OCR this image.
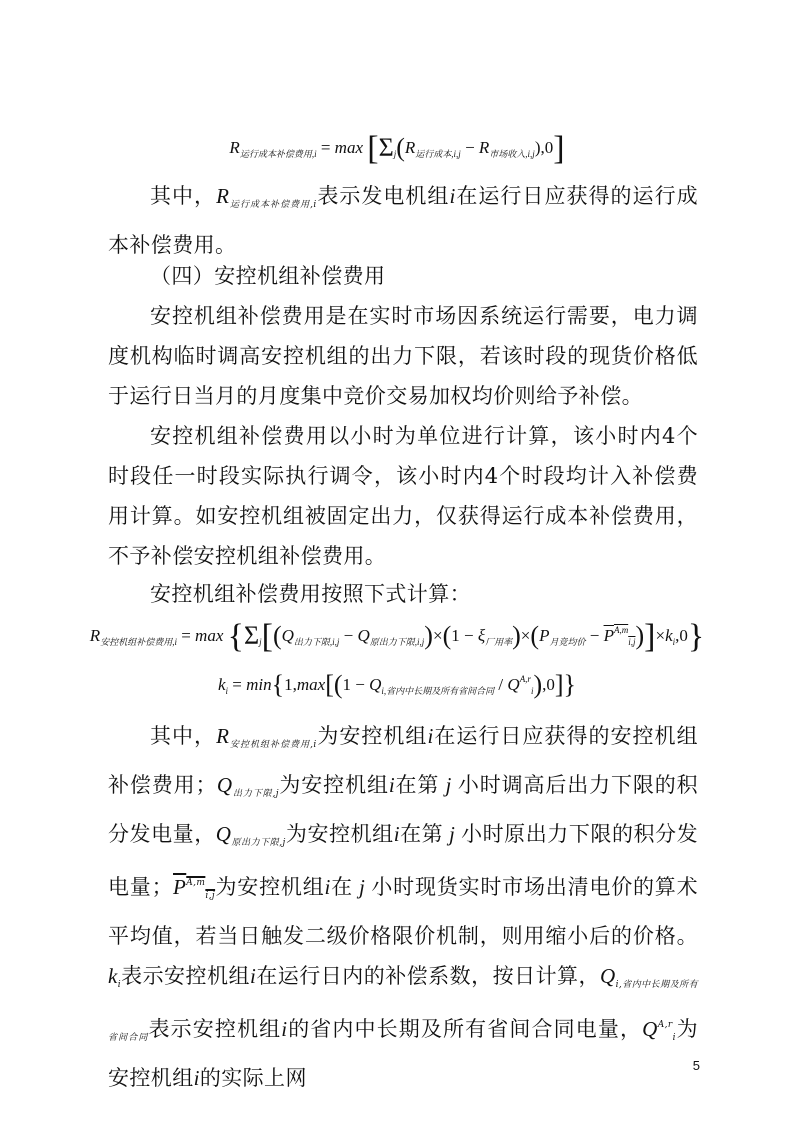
$R_{运行成本补偿费用,i} = \max [\Sigma_j(R_{运行成本,i,j} - R_{市场收入,i,j}),0]$

其中，$R_{运行成本补偿费用,i}$表示发电机组i在运行日应获得的运行成本补偿费用。

（四）安控机组补偿费用

安控机组补偿费用是在实时市场因系统运行需要，电力调度机构临时调高安控机组的出力下限，若该时段的现货价格低于运行日当月的月度集中竞价交易加权均价则给予补偿。

安控机组补偿费用以小时为单位进行计算，该小时内4个时段任一时段实际执行调令，该小时内4个时段均计入补偿费用计算。如安控机组被固定出力，仅获得运行成本补偿费用，不予补偿安控机组补偿费用。

安控机组补偿费用按照下式计算：

$R_{安控机组补偿费用,i} = \max \{\Sigma_j[(Q_{出力下限,i,j} - Q_{原出力下限,i,j})\times(1 - \xi_{厂用率})\times(P_{月竞均价} - P^{A,m}_{i,j})]\times k_i,0\}$
$k_i = \min\{1,\max[(1 - Q_{i,省内中长期及所有省间合同} / Q^{A,r}_i),0]\}$

其中，$R_{安控机组补偿费用,i}$为安控机组i在运行日应获得的安控机组补偿费用；$Q_{出力下限,j}$为安控机组i在第 j 小时调高后出力下限的积分发电量，$Q_{原出力下限,j}$为安控机组i在第 j 小时原出力下限的积分发电量；$P^{A,m}_{i,j}$为安控机组i在 j 小时现货实时市场出清电价的算术平均值，若当日触发二级价格限价机制，则用缩小后的价格。$k_i$表示安控机组i在运行日内的补偿系数，按日计算，$Q_{i,省内中长期及所有省间合同}$表示安控机组i的省内中长期及所有省间合同电量，$Q^{A,r}_i$为安控机组i的实际上网

5
